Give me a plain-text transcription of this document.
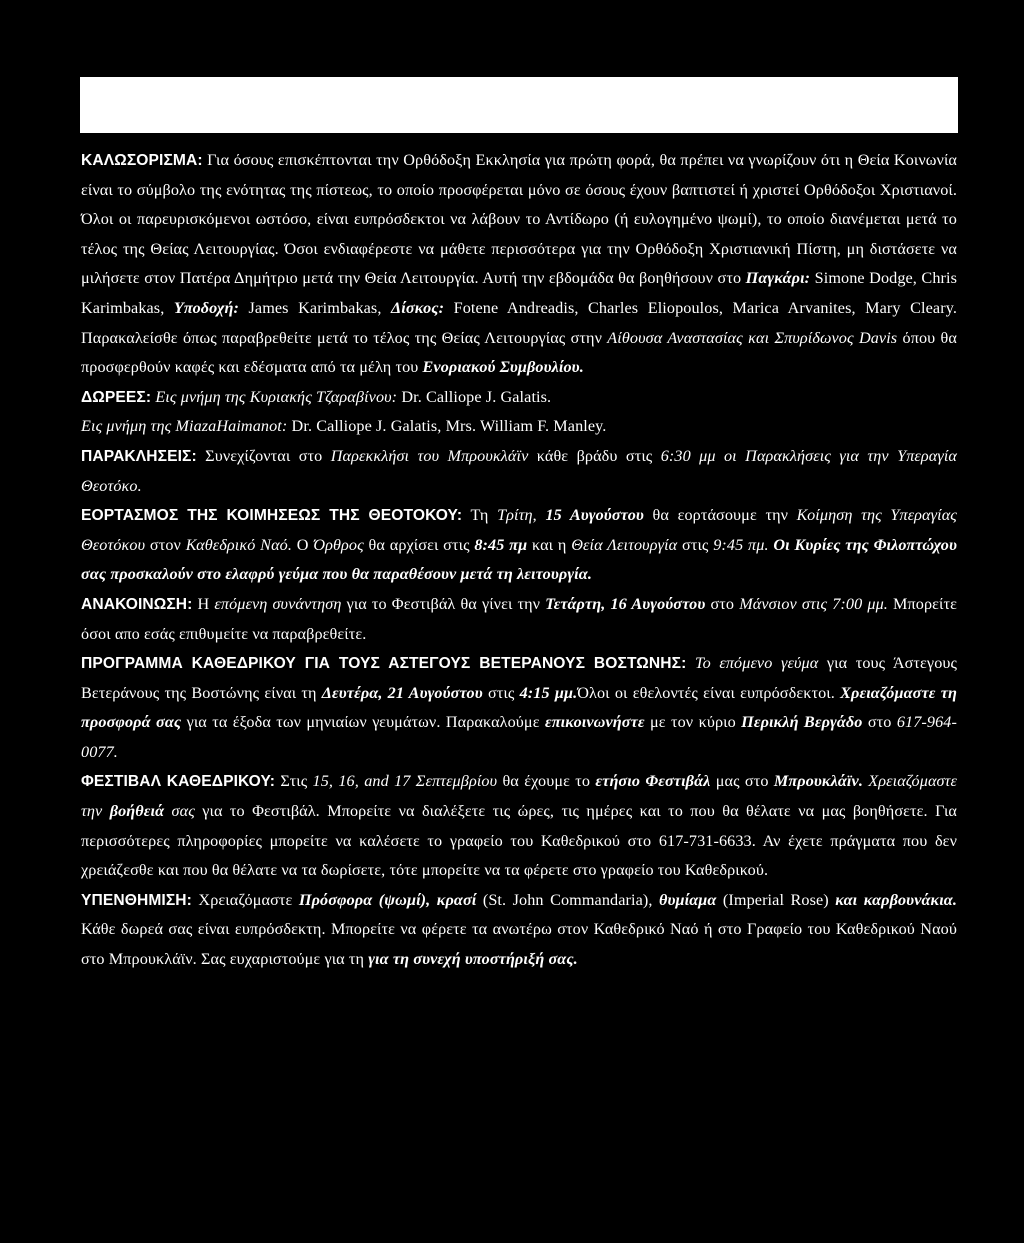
ΚΑΛΩΣΟΡΙΣΜΑ: Για όσους επισκέπτονται την Ορθόδοξη Εκκλησία για πρώτη φορά, θα πρέπει να γνωρίζουν ότι η Θεία Κοινωνία είναι το σύμβολο της ενότητας της πίστεως, το οποίο προσφέρεται μόνο σε όσους έχουν βαπτιστεί ή χριστεί Ορθόδοξοι Χριστιανοί. Όλοι οι παρευρισκόμενοι ωστόσο, είναι ευπρόσδεκτοι να λάβουν το Αντίδωρο (ή ευλογημένο ψωμί), το οποίο διανέμεται μετά το τέλος της Θείας Λειτουργίας. Όσοι ενδιαφέρεστε να μάθετε περισσότερα για την Ορθόδοξη Χριστιανική Πίστη, μη διστάσετε να μιλήσετε στον Πατέρα Δημήτριο μετά την Θεία Λειτουργία. Αυτή την εβδομάδα θα βοηθήσουν στο Παγκάρι: Simone Dodge, Chris Karimbakas, Υποδοχή: James Karimbakas, Δίσκος: Fotene Andreadis, Charles Eliopoulos, Marica Arvanites, Mary Cleary. Παρακαλείσθε όπως παραβρεθείτε μετά το τέλος της Θείας Λειτουργίας στην Αίθουσα Αναστασίας και Σπυρίδωνος Davis όπου θα προσφερθούν καφές και εδέσματα από τα μέλη του Ενοριακού Συμβουλίου.

ΔΩΡΕΕΣ: Εις μνήμη της Κυριακής Τζαραβίνου: Dr. Calliope J. Galatis.

Εις μνήμη της MiazaHaimanot: Dr. Calliope J. Galatis, Mrs. William F. Manley.

ΠΑΡΑΚΛΗΣΕΙΣ: Συνεχίζονται στο Παρεκκλήσι του Μπρουκλάϊν κάθε βράδυ στις 6:30 μμ οι Παρακλήσεις για την Υπεραγία Θεοτόκο.

ΕΟΡΤΑΣΜΟΣ ΤΗΣ ΚΟΙΜΗΣΕΩΣ ΤΗΣ ΘΕΟΤΟΚΟΥ: Τη Τρίτη, 15 Αυγούστου θα εορτάσουμε την Κοίμηση της Υπεραγίας Θεοτόκου στον Καθεδρικό Ναό. Ο Όρθρος θα αρχίσει στις 8:45 πμ και η Θεία Λειτουργία στις 9:45 πμ. Οι Κυρίες της Φιλοπτώχου σας προσκαλούν στο ελαφρύ γεύμα που θα παραθέσουν μετά τη λειτουργία.

ΑΝΑΚΟΙΝΩΣΗ: Η επόμενη συνάντηση για το Φεστιβάλ θα γίνει την Τετάρτη, 16 Αυγούστου στο Μάνσιον στις 7:00 μμ. Μπορείτε όσοι απο εσάς επιθυμείτε να παραβρεθείτε.

ΠΡΟΓΡΑΜΜΑ ΚΑΘΕΔΡΙΚΟΥ ΓΙΑ ΤΟΥΣ ΑΣΤΕΓΟΥΣ ΒΕΤΕΡΑΝΟΥΣ ΒΟΣΤΩΝΗΣ: Το επόμενο γεύμα για τους Άστεγους Βετεράνους της Βοστώνης είναι τη Δευτέρα, 21 Αυγούστου στις 4:15 μμ.Όλοι οι εθελοντές είναι ευπρόσδεκτοι. Χρειαζόμαστε τη προσφορά σας για τα έξοδα των μηνιαίων γευμάτων. Παρακαλούμε επικοινωνήστε με τον κύριο Περικλή Βεργάδο στο 617-964-0077.

ΦΕΣΤΙΒΑΛ ΚΑΘΕΔΡΙΚΟΥ: Στις 15, 16, and 17 Σεπτεμβρίου θα έχουμε το ετήσιο Φεστιβάλ μας στο Μπρουκλάϊν. Χρειαζόμαστε την βοήθειά σας για το Φεστιβάλ. Μπορείτε να διαλέξετε τις ώρες, τις ημέρες και το που θα θέλατε να μας βοηθήσετε. Για περισσότερες πληροφορίες μπορείτε να καλέσετε το γραφείο του Καθεδρικού στο 617-731-6633. Αν έχετε πράγματα που δεν χρειάζεσθε και που θα θέλατε να τα δωρίσετε, τότε μπορείτε να τα φέρετε στο γραφείο του Καθεδρικού.

ΥΠΕΝΘΗΜΙΣΗ: Χρειαζόμαστε Πρόσφορα (ψωμί), κρασί (St. John Commandaria), θυμίαμα (Imperial Rose) και καρβουνάκια. Κάθε δωρεά σας είναι ευπρόσδεκτη. Μπορείτε να φέρετε τα ανωτέρω στον Καθεδρικό Ναό ή στο Γραφείο του Καθεδρικού Ναού στο Μπρουκλάϊν. Σας ευχαριστούμε για τη για τη συνεχή υποστήριξή σας.
